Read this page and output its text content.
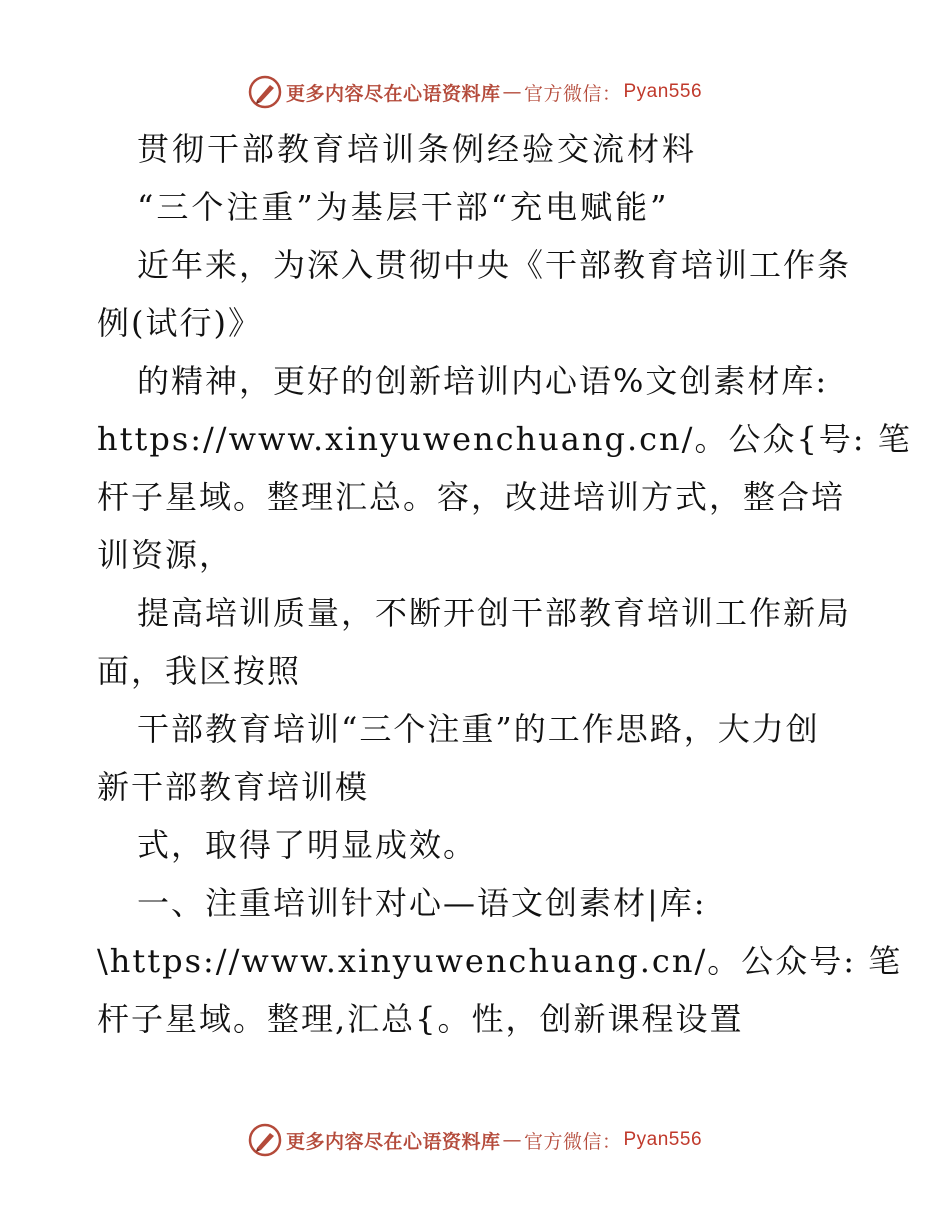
更多内容尽在心语资料库 — 官方微信： Pyan556
贯彻干部教育培训条例经验交流材料
“三个注重”为基层干部“充电赋能”
近年来，为深入贯彻中央《干部教育培训工作条
例(试行)》
的精神，更好的创新培训内心语%文创素材库:
https://www.xinyuwenchuang.cn/。公众{号: 笔
杆子星域。整理汇总。容，改进培训方式，整合培
训资源，
提高培训质量，不断开创干部教育培训工作新局
面，我区按照
干部教育培训“三个注重”的工作思路，大力创
新干部教育培训模
式，取得了明显成效。
一、注重培训针对心—语文创素材|库:
\https://www.xinyuwenchuang.cn/。公众号: 笔
杆子星域。整理,汇总{。性，创新课程设置
更多内容尽在心语资料库 — 官方微信： Pyan556
